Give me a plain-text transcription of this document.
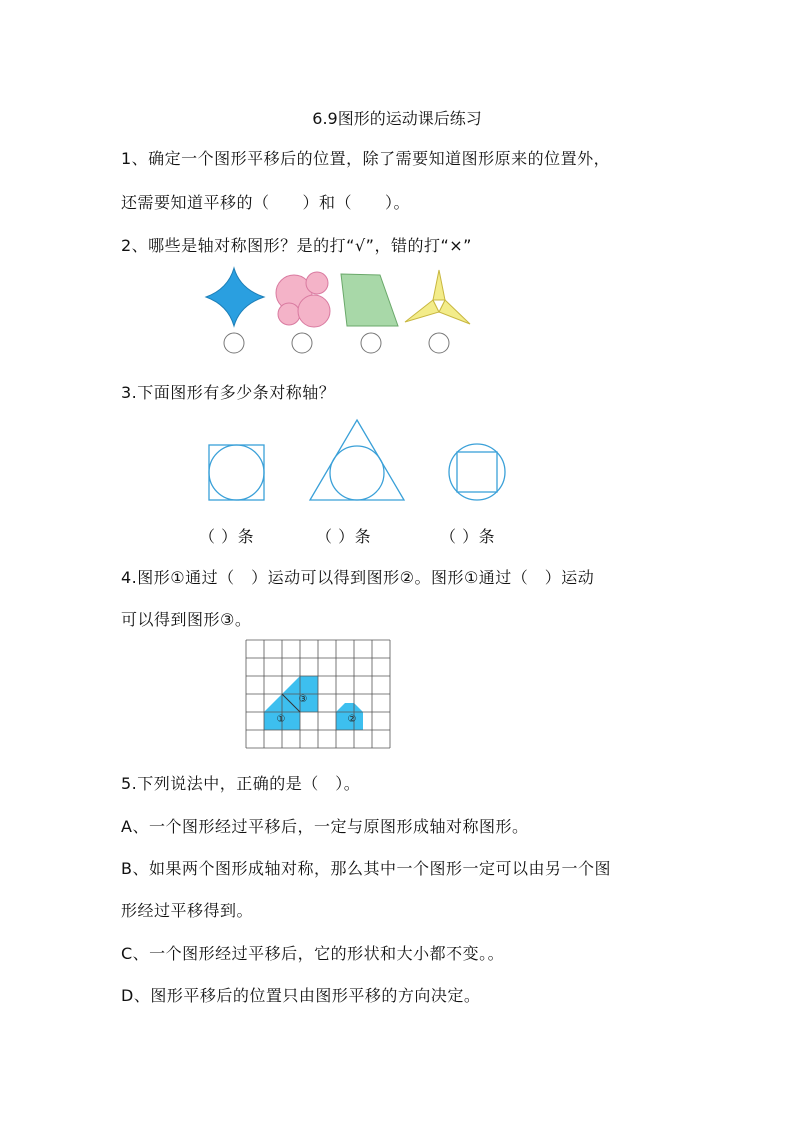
6.9图形的运动课后练习
1、确定一个图形平移后的位置，除了需要知道图形原来的位置外，
还需要知道平移的（　　）和（　　）。
2、哪些是轴对称图形？是的打“√”，错的打“×”
3.下面图形有多少条对称轴？
（ ）条	（ ）条	（ ）条
4.图形①通过（　）运动可以得到图形②。图形①通过（　）运动
可以得到图形③。
①	②
③
5.下列说法中，正确的是（　）。
A、一个图形经过平移后，一定与原图形成轴对称图形。
B、如果两个图形成轴对称，那么其中一个图形一定可以由另一个图
形经过平移得到。
C、一个图形经过平移后，它的形状和大小都不变。。
D、图形平移后的位置只由图形平移的方向决定。
